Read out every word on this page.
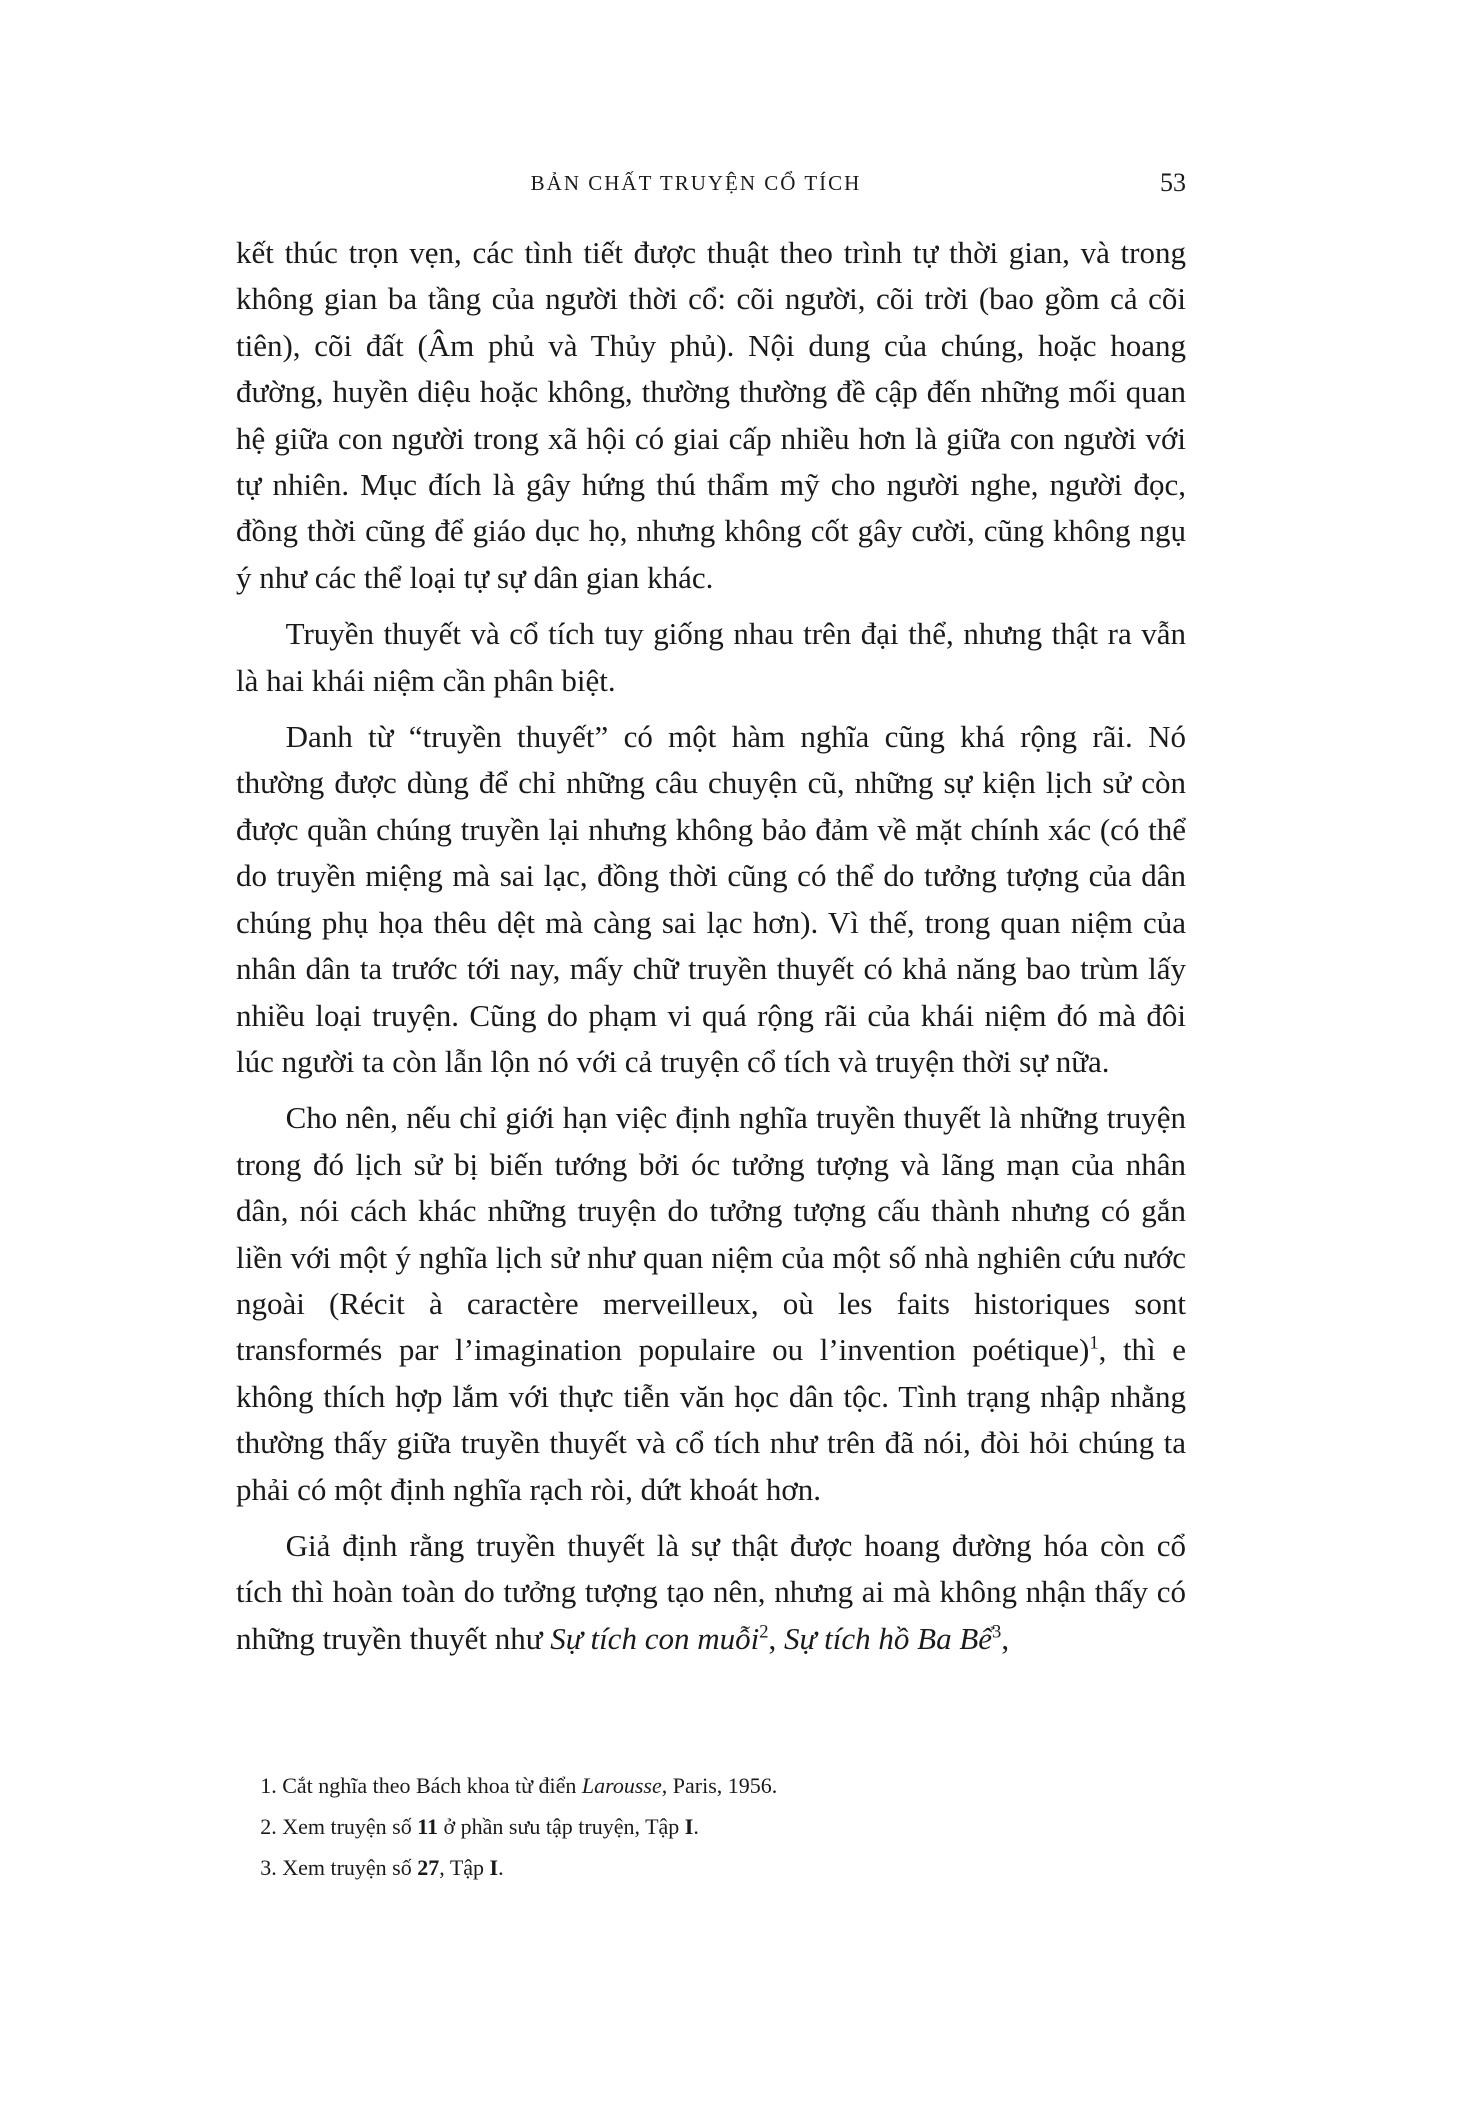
BẢN CHẤT TRUYỆN CỔ TÍCH	53

kết thúc trọn vẹn, các tình tiết được thuật theo trình tự thời gian, và trong không gian ba tầng của người thời cổ: cõi người, cõi trời (bao gồm cả cõi tiên), cõi đất (Âm phủ và Thủy phủ). Nội dung của chúng, hoặc hoang đường, huyền diệu hoặc không, thường thường đề cập đến những mối quan hệ giữa con người trong xã hội có giai cấp nhiều hơn là giữa con người với tự nhiên. Mục đích là gây hứng thú thẩm mỹ cho người nghe, người đọc, đồng thời cũng để giáo dục họ, nhưng không cốt gây cười, cũng không ngụ ý như các thể loại tự sự dân gian khác.

Truyền thuyết và cổ tích tuy giống nhau trên đại thể, nhưng thật ra vẫn là hai khái niệm cần phân biệt.

Danh từ “truyền thuyết” có một hàm nghĩa cũng khá rộng rãi. Nó thường được dùng để chỉ những câu chuyện cũ, những sự kiện lịch sử còn được quần chúng truyền lại nhưng không bảo đảm về mặt chính xác (có thể do truyền miệng mà sai lạc, đồng thời cũng có thể do tưởng tượng của dân chúng phụ họa thêu dệt mà càng sai lạc hơn). Vì thế, trong quan niệm của nhân dân ta trước tới nay, mấy chữ truyền thuyết có khả năng bao trùm lấy nhiều loại truyện. Cũng do phạm vi quá rộng rãi của khái niệm đó mà đôi lúc người ta còn lẫn lộn nó với cả truyện cổ tích và truyện thời sự nữa.

Cho nên, nếu chỉ giới hạn việc định nghĩa truyền thuyết là những truyện trong đó lịch sử bị biến tướng bởi óc tưởng tượng và lãng mạn của nhân dân, nói cách khác những truyện do tưởng tượng cấu thành nhưng có gắn liền với một ý nghĩa lịch sử như quan niệm của một số nhà nghiên cứu nước ngoài (Récit à caractère merveilleux, où les faits historiques sont transformés par l’imagination populaire ou l’invention poétique)$^1$, thì e không thích hợp lắm với thực tiễn văn học dân tộc. Tình trạng nhập nhằng thường thấy giữa truyền thuyết và cổ tích như trên đã nói, đòi hỏi chúng ta phải có một định nghĩa rạch ròi, dứt khoát hơn.

Giả định rằng truyền thuyết là sự thật được hoang đường hóa còn cổ tích thì hoàn toàn do tưởng tượng tạo nên, nhưng ai mà không nhận thấy có những truyền thuyết như Sự tích con muỗi$^2$, Sự tích hồ Ba Bể$^3$,

1. Cắt nghĩa theo Bách khoa từ điển Larousse, Paris, 1956.
2. Xem truyện số 11 ở phần sưu tập truyện, Tập I.
3. Xem truyện số 27, Tập I.
